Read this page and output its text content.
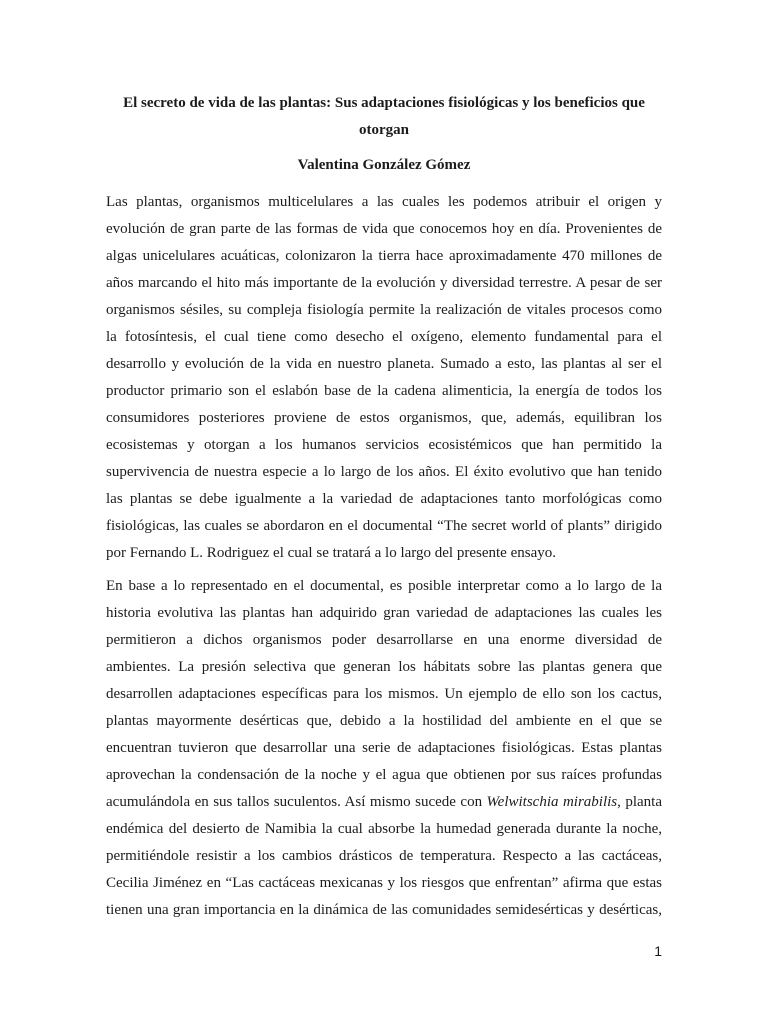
El secreto de vida de las plantas: Sus adaptaciones fisiológicas y los beneficios que
otorgan

Valentina González Gómez

Las plantas, organismos multicelulares a las cuales les podemos atribuir el origen y
evolución de gran parte de las formas de vida que conocemos hoy en día. Provenientes de
algas unicelulares acuáticas, colonizaron la tierra hace aproximadamente 470 millones de
años marcando el hito más importante de la evolución y diversidad terrestre. A pesar de ser
organismos sésiles, su compleja fisiología permite la realización de vitales procesos como
la fotosíntesis, el cual tiene como desecho el oxígeno, elemento fundamental para el
desarrollo y evolución de la vida en nuestro planeta. Sumado a esto, las plantas al ser el
productor primario son el eslabón base de la cadena alimenticia, la energía de todos los
consumidores posteriores proviene de estos organismos, que, además, equilibran los
ecosistemas y otorgan a los humanos servicios ecosistémicos que han permitido la
supervivencia de nuestra especie a lo largo de los años. El éxito evolutivo que han tenido
las plantas se debe igualmente a la variedad de adaptaciones tanto morfológicas como
fisiológicas, las cuales se abordaron en el documental “The secret world of plants” dirigido
por Fernando L. Rodriguez el cual se tratará a lo largo del presente ensayo.
En base a lo representado en el documental, es posible interpretar como a lo largo de la
historia evolutiva las plantas han adquirido gran variedad de adaptaciones las cuales les
permitieron a dichos organismos poder desarrollarse en una enorme diversidad de
ambientes. La presión selectiva que generan los hábitats sobre las plantas genera que
desarrollen adaptaciones específicas para los mismos. Un ejemplo de ello son los cactus,
plantas mayormente desérticas que, debido a la hostilidad del ambiente en el que se
encuentran tuvieron que desarrollar una serie de adaptaciones fisiológicas. Estas plantas
aprovechan la condensación de la noche y el agua que obtienen por sus raíces profundas
acumulándola en sus tallos suculentos. Así mismo sucede con Welwitschia mirabilis, planta
endémica del desierto de Namibia la cual absorbe la humedad generada durante la noche,
permitiéndole resistir a los cambios drásticos de temperatura. Respecto a las cactáceas,
Cecilia Jiménez en “Las cactáceas mexicanas y los riesgos que enfrentan” afirma que estas
tienen una gran importancia en la dinámica de las comunidades semidesérticas y desérticas,
1
